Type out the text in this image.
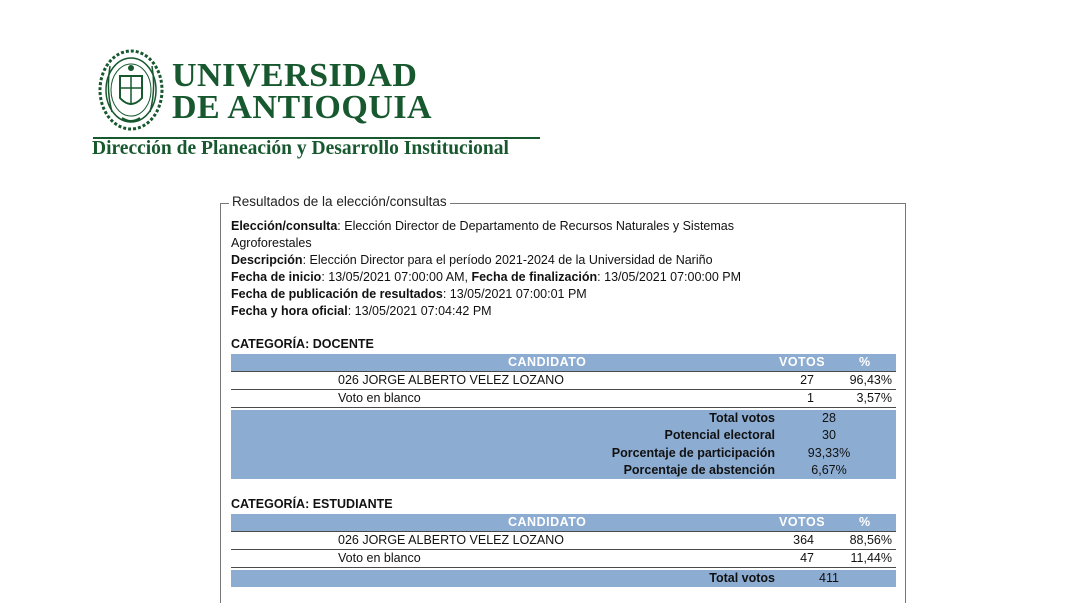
UNIVERSIDAD
DE ANTIOQUIA

Dirección de Planeación y Desarrollo Institucional

Resultados de la elección/consultas
Elección/consulta: Elección Director de Departamento de Recursos Naturales y Sistemas
Agroforestales
Descripción: Elección Director para el período 2021-2024 de la Universidad de Nariño
Fecha de inicio: 13/05/2021 07:00:00 AM, Fecha de finalización: 13/05/2021 07:00:00 PM
Fecha de publicación de resultados: 13/05/2021 07:00:01 PM
Fecha y hora oficial: 13/05/2021 07:04:42 PM
CATEGORÍA: DOCENTE
CANDIDATO	VOTOS	%
026 JORGE ALBERTO VELEZ LOZANO	27	96,43%
Voto en blanco	1	3,57%
Total votos	28
Potencial electoral	30
Porcentaje de participación	93,33%
Porcentaje de abstención	6,67%
CATEGORÍA: ESTUDIANTE
CANDIDATO	VOTOS	%
026 JORGE ALBERTO VELEZ LOZANO	364	88,56%
Voto en blanco	47	11,44%
Total votos	411
